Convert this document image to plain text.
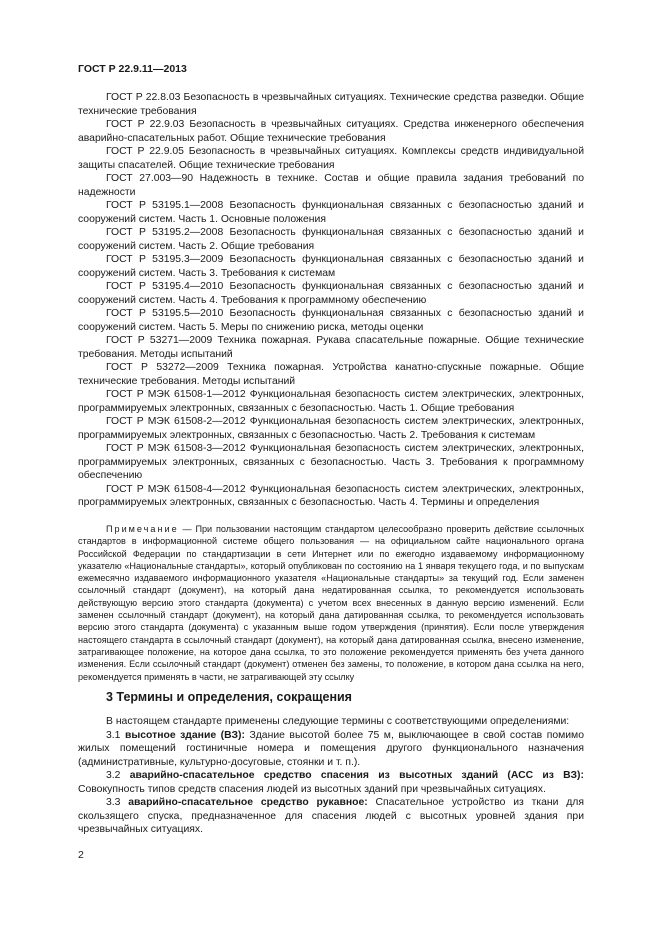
ГОСТ Р 22.9.11—2013
ГОСТ Р 22.8.03 Безопасность в чрезвычайных ситуациях. Технические средства разведки. Общие технические требования
ГОСТ Р 22.9.03 Безопасность в чрезвычайных ситуациях. Средства инженерного обеспечения аварийно-спасательных работ. Общие технические требования
ГОСТ Р 22.9.05 Безопасность в чрезвычайных ситуациях. Комплексы средств индивидуальной защиты спасателей. Общие технические требования
ГОСТ 27.003—90 Надежность в технике. Состав и общие правила задания требований по надежности
ГОСТ Р 53195.1—2008 Безопасность функциональная связанных с безопасностью зданий и сооружений систем. Часть 1. Основные положения
ГОСТ Р 53195.2—2008 Безопасность функциональная связанных с безопасностью зданий и сооружений систем. Часть 2. Общие требования
ГОСТ Р 53195.3—2009 Безопасность функциональная связанных с безопасностью зданий и сооружений систем. Часть 3. Требования к системам
ГОСТ Р 53195.4—2010 Безопасность функциональная связанных с безопасностью зданий и сооружений систем. Часть 4. Требования к программному обеспечению
ГОСТ Р 53195.5—2010 Безопасность функциональная связанных с безопасностью зданий и сооружений систем. Часть 5. Меры по снижению риска, методы оценки
ГОСТ Р 53271—2009 Техника пожарная. Рукава спасательные пожарные. Общие технические требования. Методы испытаний
ГОСТ Р 53272—2009 Техника пожарная. Устройства канатно-спускные пожарные. Общие технические требования. Методы испытаний
ГОСТ Р МЭК 61508-1—2012 Функциональная безопасность систем электрических, электронных, программируемых электронных, связанных с безопасностью. Часть 1. Общие требования
ГОСТ Р МЭК 61508-2—2012 Функциональная безопасность систем электрических, электронных, программируемых электронных, связанных с безопасностью. Часть 2. Требования к системам
ГОСТ Р МЭК 61508-3—2012 Функциональная безопасность систем электрических, электронных, программируемых электронных, связанных с безопасностью. Часть 3. Требования к программному обеспечению
ГОСТ Р МЭК 61508-4—2012 Функциональная безопасность систем электрических, электронных, программируемых электронных, связанных с безопасностью. Часть 4. Термины и определения
Примечание — При пользовании настоящим стандартом целесообразно проверить действие ссылочных стандартов в информационной системе общего пользования — на официальном сайте национального органа Российской Федерации по стандартизации в сети Интернет или по ежегодно издаваемому информационному указателю «Национальные стандарты», который опубликован по состоянию на 1 января текущего года, и по выпускам ежемесячно издаваемого информационного указателя «Национальные стандарты» за текущий год. Если заменен ссылочный стандарт (документ), на который дана недатированная ссылка, то рекомендуется использовать действующую версию этого стандарта (документа) с учетом всех внесенных в данную версию изменений. Если заменен ссылочный стандарт (документ), на который дана датированная ссылка, то рекомендуется использовать версию этого стандарта (документа) с указанным выше годом утверждения (принятия). Если после утверждения настоящего стандарта в ссылочный стандарт (документ), на который дана датированная ссылка, внесено изменение, затрагивающее положение, на которое дана ссылка, то это положение рекомендуется применять без учета данного изменения. Если ссылочный стандарт (документ) отменен без замены, то положение, в котором дана ссылка на него, рекомендуется применять в части, не затрагивающей эту ссылку
3 Термины и определения, сокращения
В настоящем стандарте применены следующие термины с соответствующими определениями:
3.1 высотное здание (ВЗ): Здание высотой более 75 м, выключающее в свой состав помимо жилых помещений гостиничные номера и помещения другого функционального назначения (административные, культурно-досуговые, стоянки и т. п.).
3.2 аварийно-спасательное средство спасения из высотных зданий (АСС из ВЗ): Совокупность типов средств спасения людей из высотных зданий при чрезвычайных ситуациях.
3.3 аварийно-спасательное средство рукавное: Спасательное устройство из ткани для скользящего спуска, предназначенное для спасения людей с высотных уровней здания при чрезвычайных ситуациях.
2
